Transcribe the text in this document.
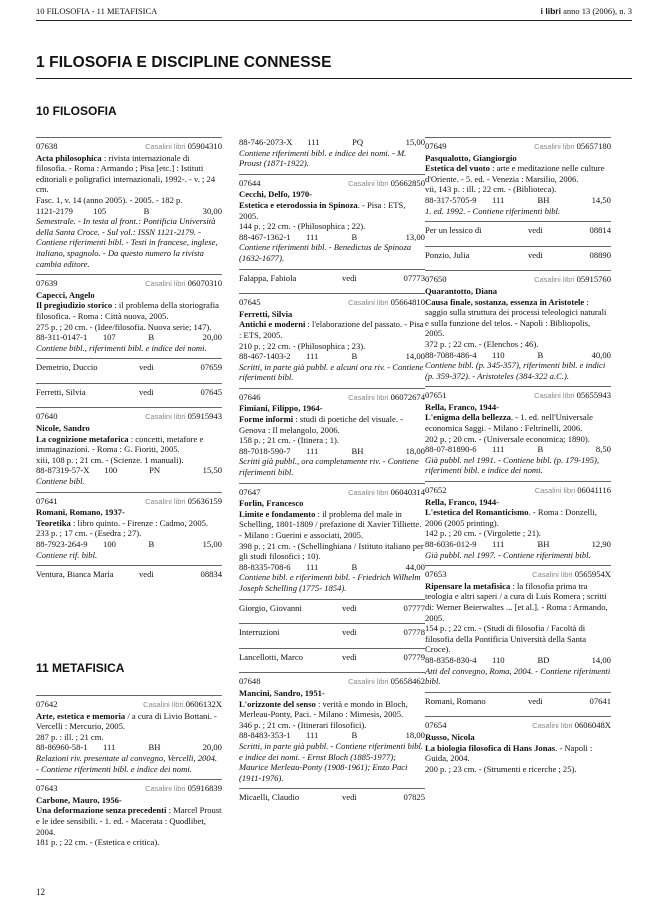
10 FILOSOFIA - 11 METAFISICA	i libri anno 13 (2006), n. 3
1 FILOSOFIA E DISCIPLINE CONNESSE
10 FILOSOFIA
11 METAFISICA
12
07638	Casalini libri 05904310
Acta philosophica : rivista internazionale di filosofia. - Roma : Armando ; Pisa [etc.] : Istituti editoriali e poligrafici internazionali, 1992-. - v. ; 24 cm.
Fasc. 1, v. 14 (anno 2005). - 2005. - 182 p.
1121-2179 105	B	30,00
Semestrale. - In testa al front.: Pontificia Università della Santa Croce. - Sul vol.: ISSN 1121-2179. - Contiene riferimenti bibl. - Testi in francese, inglese, italiano, spagnolo. - Da questo numero la rivista cambia editore.
07639	Casalini libri 06070310
Capecci, Angelo
Il pregiudizio storico : il problema della storiografia filosofica. - Roma : Città nuova, 2005.
275 p. ; 20 cm. - (Idee/filosofia. Nuova serie; 147).
88-311-0147-1 107	B	20,00
Contiene bibl., riferimenti bibl. e indice dei nomi.
Demetrio, Duccio	vedi	07659
Ferretti, Silvia	vedi	07645
07640	Casalini libri 05915943
Nicole, Sandro
La cognizione metaforica : concetti, metafore e immaginazioni. - Roma : G. Fioriti, 2005.
xiii, 108 p. ; 21 cm. - (Scienze. 1 manuali).
88-87319-57-X 100	PN	15,50
Contiene bibl.
07641	Casalini libri 05636159
Romani, Romano, 1937-
Teoretika : libro quinto. - Firenze : Cadmo, 2005.
233 p. ; 17 cm. - (Esedra ; 27).
88-7923-264-9 100	B	15,00
Contiene rif. bibl.
Ventura, Bianca Maria	vedi	08834
07642	Casalini libri 0606132X
Arte, estetica e memoria / a cura di Livio Bottani. - Vercelli : Mercurio, 2005.
287 p. : ill. ; 21 cm.
88-86960-58-1 111	BH	20,00
Relazioni riv. presentate al convegno, Vercelli, 2004. - Contiene riferimenti bibl. e indice dei nomi.
07643	Casalini libri 05916839
Carbone, Mauro, 1956-
Una deformazione senza precedenti : Marcel Proust e le idee sensibili. - 1. ed. - Macerata : Quodlibet, 2004.
181 p. ; 22 cm. - (Estetica e critica).
88-746-2073-X 111	PQ	15,00
Contiene riferimenti bibl. e indice dei nomi. - M. Proust (1871-1922).
07644	Casalini libri 05662850
Cecchi, Delfo, 1970-
Estetica e eterodossia in Spinoza. - Pisa : ETS, 2005.
144 p. ; 22 cm. - (Philosophica ; 22).
88-467-1362-1 111	B	13,00
Contiene riferimenti bibl. - Benedictus de Spinoza (1632-1677).
Falappa, Fabiola	vedi	07773
07645	Casalini libri 05664810
Ferretti, Silvia
Antichi e moderni : l'elaborazione del passato. - Pisa : ETS, 2005.
210 p. ; 22 cm. - (Philosophica ; 23).
88-467-1403-2 111	B	14,00
Scritti, in parte già pubbl. e alcuni ora riv. - Contiene riferimenti bibl.
07646	Casalini libri 06072674
Fimiani, Filippo, 1964-
Forme informi : studi di poetiche del visuale. - Genova : Il melangolo, 2006.
158 p. ; 21 cm. - (Itinera ; 1).
88-7018-590-7 111	BH	18,00
Scritti già pubbl., ora completamente riv. - Contiene riferimenti bibl.
07647	Casalini libri 06040314
Forlin, Francesco
Limite e fondamento : il problema del male in Schelling, 1801-1809 / prefazione di Xavier Tilliette. - Milano : Guerini e associati, 2005.
398 p. ; 21 cm. - (Schellinghiana / Istituto italiano per gli studi filosofici ; 10).
88-8335-708-6 111	B	44,00
Contiene bibl. e riferimenti bibl. - Friedrich Wilhelm Joseph Schelling (1775- 1854).
Giorgio, Giovanni	vedi	07777
Interruzioni	vedi	07778
Lancellotti, Marco	vedi	07779
07648	Casalini libri 05658462
Mancini, Sandro, 1951-
L'orizzonte del senso : verità e mondo in Bloch, Merleau-Ponty, Paci. - Milano : Mimesis, 2005.
346 p. ; 21 cm. - (Itinerari filosofici).
88-8483-353-1 111	B	18,00
Scritti, in parte già pubbl. - Contiene riferimenti bibl. e indice dei nomi. - Ernst Bloch (1885-1977); Maurice Merleau-Ponty (1908-1961); Enzo Paci (1911-1976).
Micaelli, Claudio	vedi	07825
07649	Casalini libri 05657180
Pasqualotto, Giangiorgio
Estetica del vuoto : arte e meditazione nelle culture d'Oriente. - 5. ed. - Venezia : Marsilio, 2006.
vii, 143 p. : ill. ; 22 cm. - (Biblioteca).
88-317-5705-9 111	BH	14,50
1. ed. 1992. - Contiene riferimenti bibl.
Per un lessico di	vedi	08814
Ponzio, Julia	vedi	08890
07650	Casalini libri 05915760
Quarantotto, Diana
Causa finale, sostanza, essenza in Aristotele : saggio sulla struttura dei processi teleologici naturali e sulla funzione del telos. - Napoli : Bibliopolis, 2005.
372 p. ; 22 cm. - (Elenchos ; 46).
88-7088-486-4 110	B	40,00
Contiene bibl. (p. 345-357), riferimenti bibl. e indici (p. 359-372). - Aristoteles (384-322 a.C.).
07651	Casalini libri 05655943
Rella, Franco, 1944-
L'enigma della bellezza. - 1. ed. nell'Universale economica Saggi. - Milano : Feltrinelli, 2006.
202 p. ; 20 cm. - (Universale economica; 1890).
88-07-81890-6 111	B	8,50
Già pubbl. nel 1991. - Contiene bibl. (p. 179-195), riferimenti bibl. e indice dei nomi.
07652	Casalini libri 06041116
Rella, Franco, 1944-
L'estetica del Romanticismo. - Roma : Donzelli, 2006 (2005 printing).
142 p. ; 20 cm. - (Virgolette ; 21).
88-6036-012-9 111	BH	12,90
Già pubbl. nel 1997. - Contiene riferimenti bibl.
07653	Casalini libri 0565954X
Ripensare la metafisica : la filosofia prima tra teologia e altri saperi / a cura di Luis Romera ; scritti di: Werner Beierwaltes ... [et al.]. - Roma : Armando, 2005.
154 p. ; 22 cm. - (Studi di filosofia / Facoltà di filosofia della Pontificia Università della Santa Croce).
88-8358-830-4 110	BD	14,00
Atti del convegno, Roma, 2004. - Contiene riferimenti bibl.
Romani, Romano	vedi	07641
07654	Casalini libri 0606048X
Russo, Nicola
La biologia filosofica di Hans Jonas. - Napoli : Guida, 2004.
200 p. ; 23 cm. - (Strumenti e ricerche ; 25).
